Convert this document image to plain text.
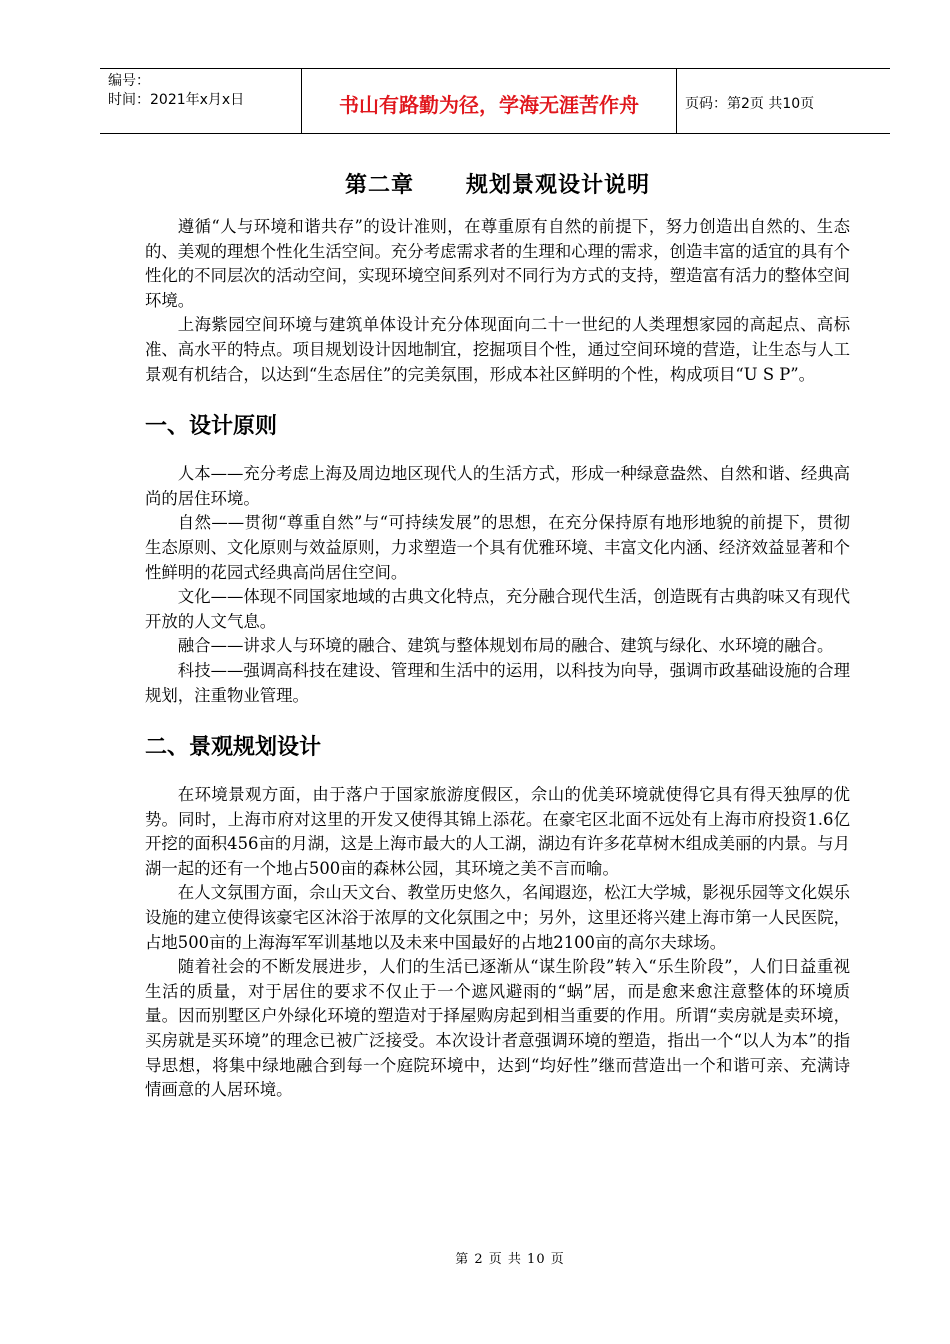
编号：
时间：2021年x月x日	书山有路勤为径，学海无涯苦作舟	页码：第2页 共10页
第二章      规划景观设计说明

遵循“人与环境和谐共存”的设计准则，在尊重原有自然的前提下，努力创造出自然的、生态的、美观的理想个性化生活空间。充分考虑需求者的生理和心理的需求，创造丰富的适宜的具有个性化的不同层次的活动空间，实现环境空间系列对不同行为方式的支持，塑造富有活力的整体空间环境。

上海紫园空间环境与建筑单体设计充分体现面向二十一世纪的人类理想家园的高起点、高标准、高水平的特点。项目规划设计因地制宜，挖掘项目个性，通过空间环境的营造，让生态与人工景观有机结合，以达到“生态居住”的完美氛围，形成本社区鲜明的个性，构成项目“U S P”。

一、设计原则

人本——充分考虑上海及周边地区现代人的生活方式，形成一种绿意盎然、自然和谐、经典高尚的居住环境。

自然——贯彻“尊重自然”与“可持续发展”的思想，在充分保持原有地形地貌的前提下，贯彻生态原则、文化原则与效益原则，力求塑造一个具有优雅环境、丰富文化内涵、经济效益显著和个性鲜明的花园式经典高尚居住空间。

文化——体现不同国家地域的古典文化特点，充分融合现代生活，创造既有古典韵味又有现代开放的人文气息。

融合——讲求人与环境的融合、建筑与整体规划布局的融合、建筑与绿化、水环境的融合。

科技——强调高科技在建设、管理和生活中的运用，以科技为向导，强调市政基础设施的合理规划，注重物业管理。

二、景观规划设计

在环境景观方面，由于落户于国家旅游度假区，佘山的优美环境就使得它具有得天独厚的优势。同时，上海市府对这里的开发又使得其锦上添花。在豪宅区北面不远处有上海市府投资1.6亿开挖的面积456亩的月湖，这是上海市最大的人工湖，湖边有许多花草树木组成美丽的内景。与月湖一起的还有一个地占500亩的森林公园，其环境之美不言而喻。

在人文氛围方面，佘山天文台、教堂历史悠久，名闻遐迩，松江大学城，影视乐园等文化娱乐设施的建立使得该豪宅区沐浴于浓厚的文化氛围之中；另外，这里还将兴建上海市第一人民医院，占地500亩的上海海军军训基地以及未来中国最好的占地2100亩的高尔夫球场。

随着社会的不断发展进步，人们的生活已逐渐从“谋生阶段”转入“乐生阶段”，人们日益重视生活的质量，对于居住的要求不仅止于一个遮风避雨的“蜗”居，而是愈来愈注意整体的环境质量。因而别墅区户外绿化环境的塑造对于择屋购房起到相当重要的作用。所谓“卖房就是卖环境，买房就是买环境”的理念已被广泛接受。本次设计者意强调环境的塑造，指出一个“以人为本”的指导思想，将集中绿地融合到每一个庭院环境中，达到“均好性”继而营造出一个和谐可亲、充满诗情画意的人居环境。

第 2 页 共 10 页
